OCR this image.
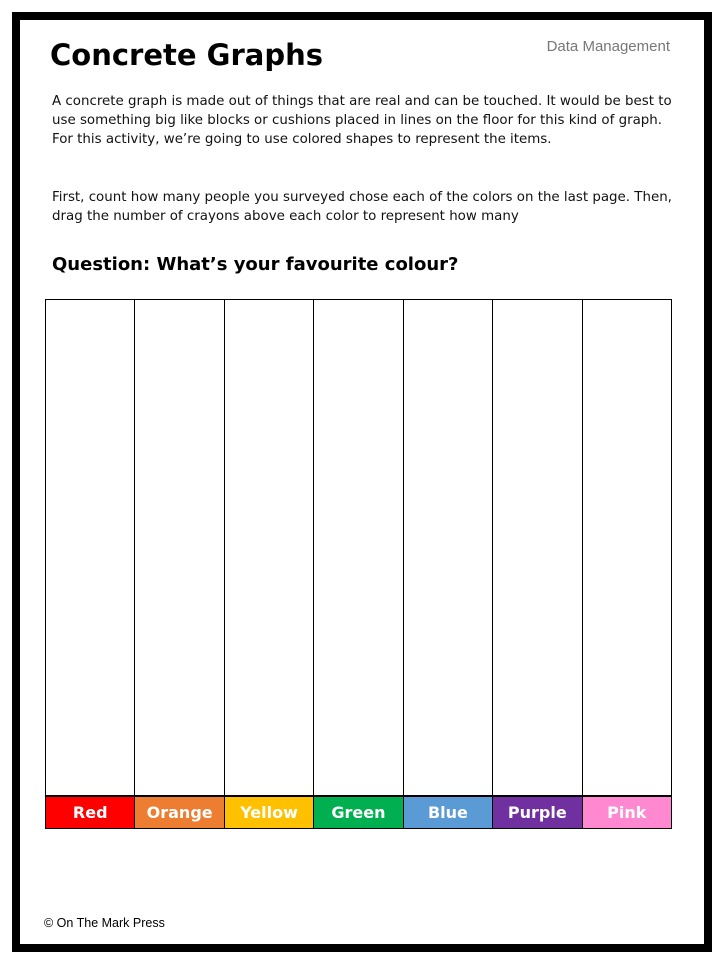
Concrete Graphs	Data Management

A concrete graph is made out of things that are real and can be touched. It would be best to use something big like blocks or cushions placed in lines on the floor for this kind of graph. For this activity, we’re going to use colored shapes to represent the items.

First, count how many people you surveyed chose each of the colors on the last page. Then, drag the number of crayons above each color to represent how many

Question: What’s your favourite colour?
Red	Orange	Yellow	Green	Blue	Purple	Pink
© On The Mark Press
